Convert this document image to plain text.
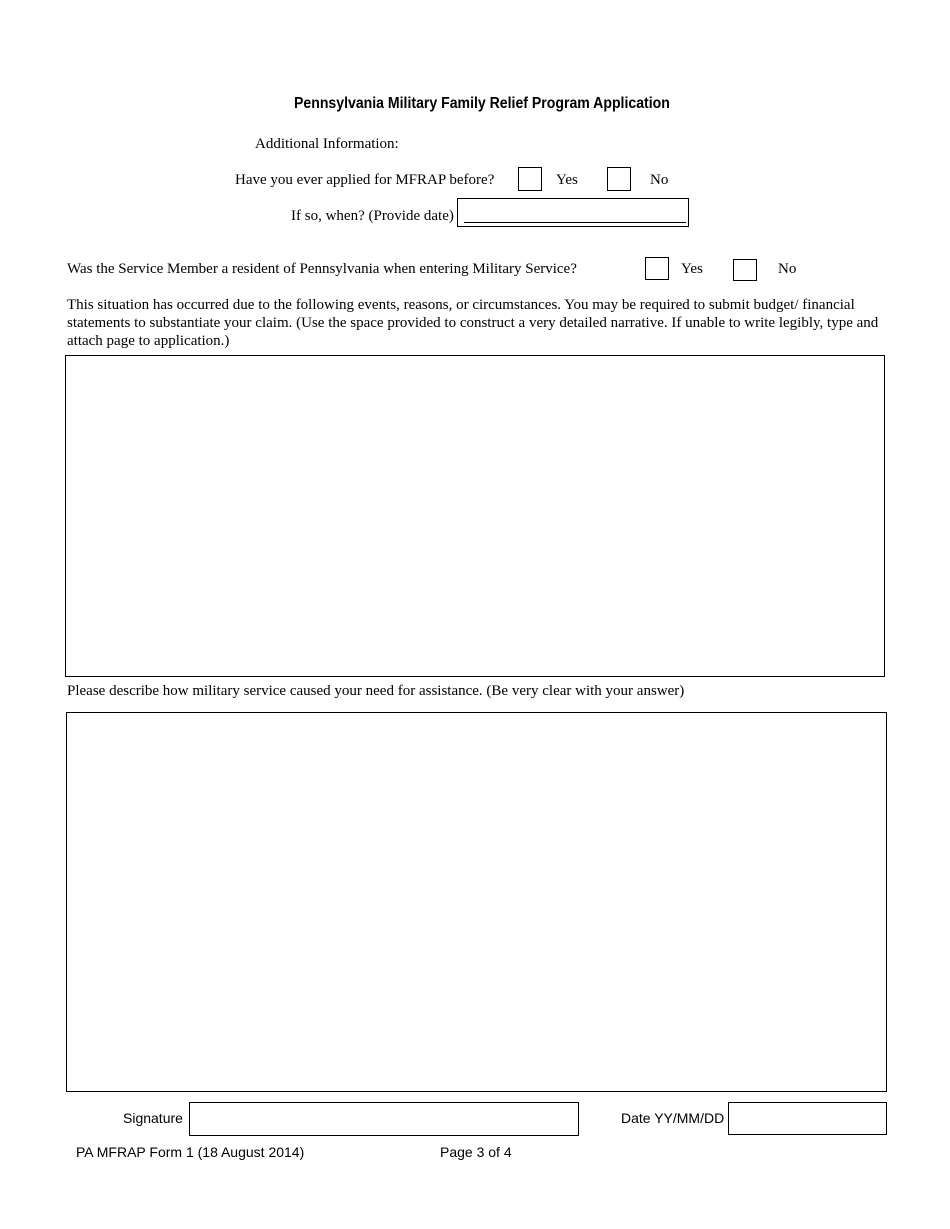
Pennsylvania Military Family Relief Program Application
Additional Information:
Have you ever applied for MFRAP before?	Yes	No
If so, when? (Provide date)
Was the Service Member a resident of Pennsylvania when entering Military Service?	Yes	No
This situation has occurred due to the following events, reasons, or circumstances. You may be required to submit budget/ financial statements to substantiate your claim. (Use the space provided to construct a very detailed narrative. If unable to write legibly, type and attach page to application.)
Please describe how military service caused your need for assistance. (Be very clear with your answer)
Signature	Date YY/MM/DD
PA MFRAP Form 1 (18 August 2014)	Page 3 of 4
